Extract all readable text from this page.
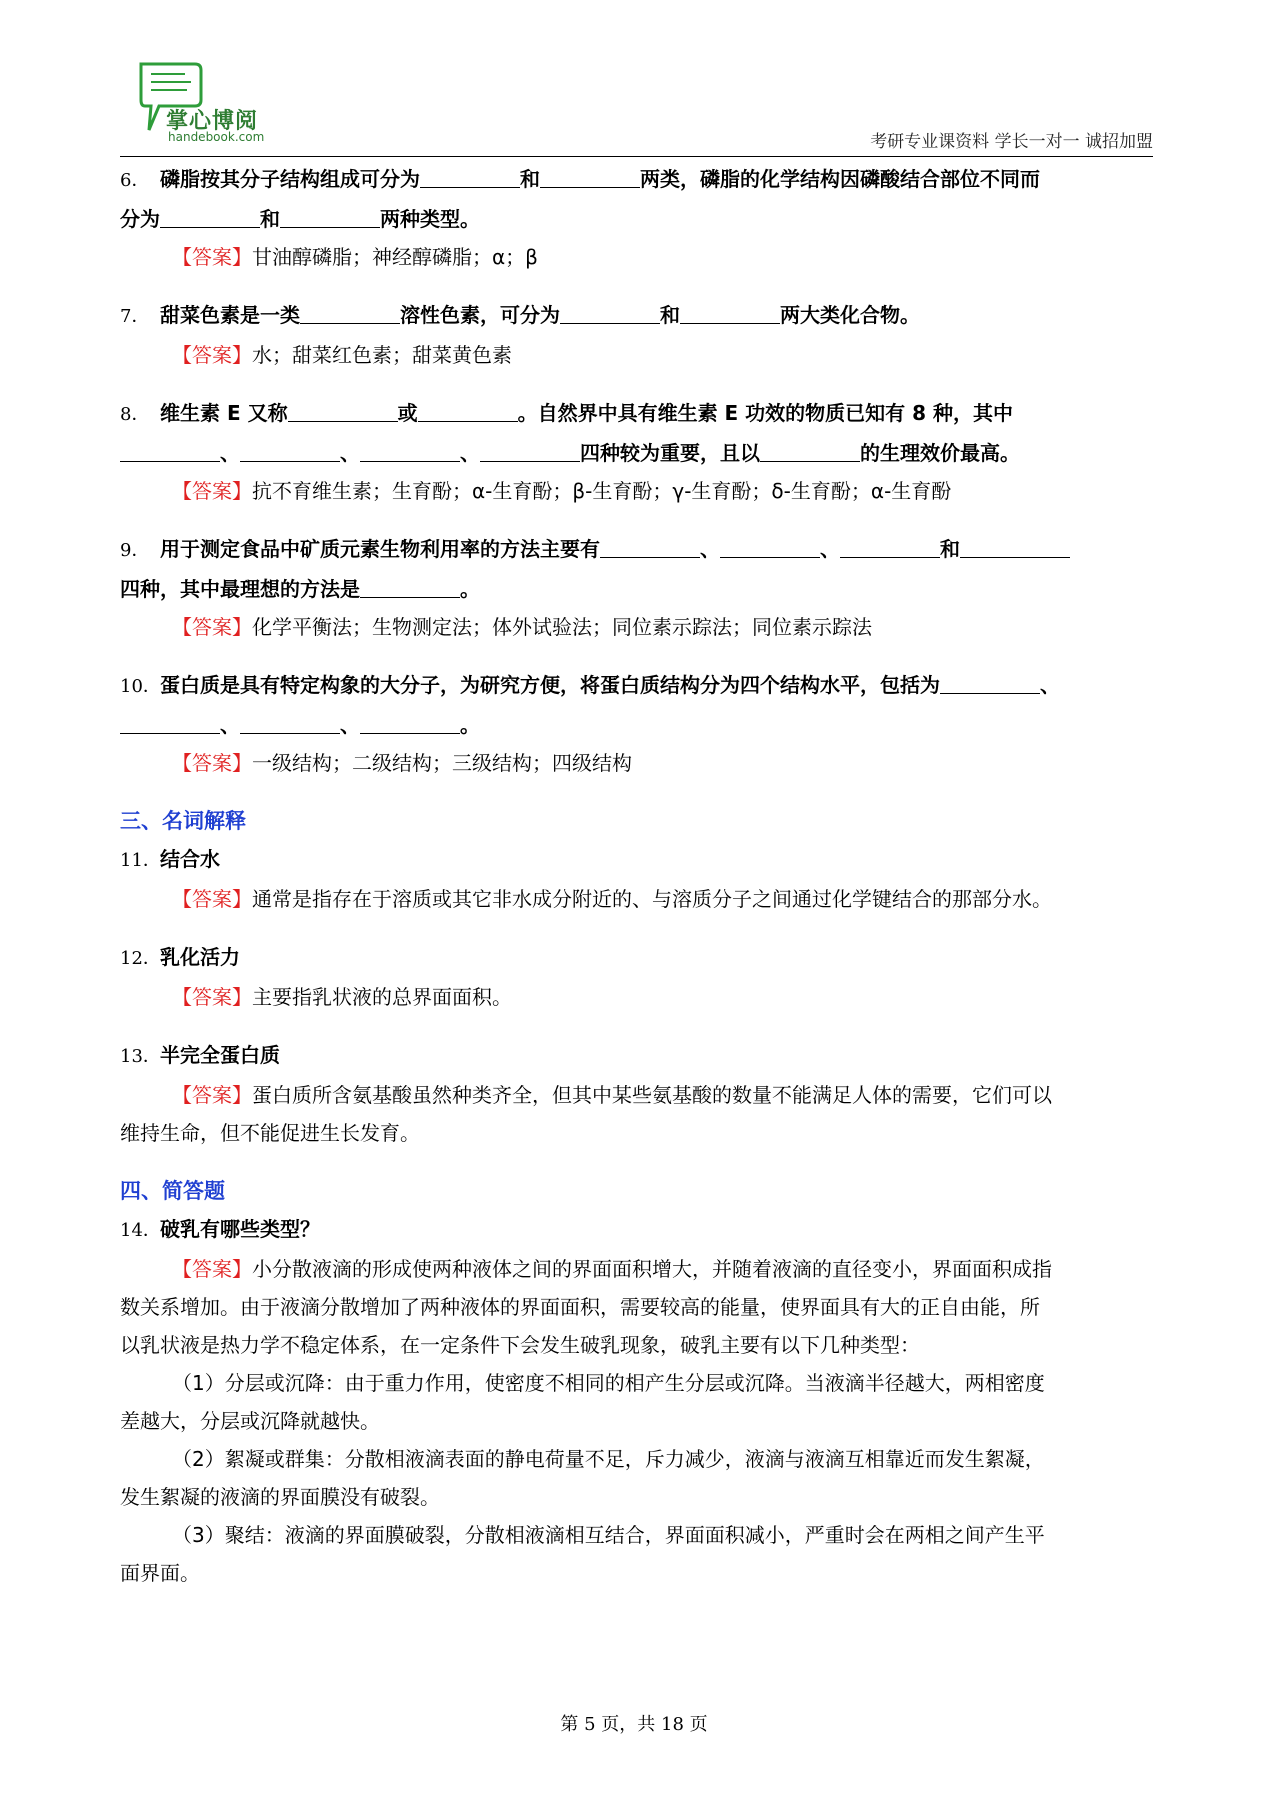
掌心博阅
handebook.com	考研专业课资料 学长一对一 诚招加盟

6． 磷脂按其分子结构组成可分为	和	两类，磷脂的化学结构因磷酸结合部位不同而

分为	和	两种类型。

【答案】甘油醇磷脂；神经醇磷脂；α；β

7． 甜菜色素是一类	溶性色素，可分为	和	两大类化合物。

【答案】水；甜菜红色素；甜菜黄色素

8． 维生素 E 又称	或	。自然界中具有维生素 E 功效的物质已知有 8 种，其中

、	、	、	四种较为重要，且以	的生理效价最高。

【答案】抗不育维生素；生育酚；α-生育酚；β-生育酚；γ-生育酚；δ-生育酚；α-生育酚

9． 用于测定食品中矿质元素生物利用率的方法主要有	、	、	和

四种，其中最理想的方法是	。

【答案】化学平衡法；生物测定法；体外试验法；同位素示踪法；同位素示踪法

10．蛋白质是具有特定构象的大分子，为研究方便，将蛋白质结构分为四个结构水平，包括为	、

、	、	。

【答案】一级结构；二级结构；三级结构；四级结构

三、名词解释

11．结合水

【答案】通常是指存在于溶质或其它非水成分附近的、与溶质分子之间通过化学键结合的那部分水。

12．乳化活力

【答案】主要指乳状液的总界面面积。

13．半完全蛋白质

【答案】蛋白质所含氨基酸虽然种类齐全，但其中某些氨基酸的数量不能满足人体的需要，它们可以

维持生命，但不能促进生长发育。

四、简答题

14．破乳有哪些类型？

【答案】小分散液滴的形成使两种液体之间的界面面积增大，并随着液滴的直径变小，界面面积成指

数关系增加。由于液滴分散增加了两种液体的界面面积，需要较高的能量，使界面具有大的正自由能，所

以乳状液是热力学不稳定体系，在一定条件下会发生破乳现象，破乳主要有以下几种类型：

（1）分层或沉降：由于重力作用，使密度不相同的相产生分层或沉降。当液滴半径越大，两相密度

差越大，分层或沉降就越快。

（2）絮凝或群集：分散相液滴表面的静电荷量不足，斥力减少，液滴与液滴互相靠近而发生絮凝，

发生絮凝的液滴的界面膜没有破裂。

（3）聚结：液滴的界面膜破裂，分散相液滴相互结合，界面面积减小，严重时会在两相之间产生平

面界面。

第 5 页，共 18 页
